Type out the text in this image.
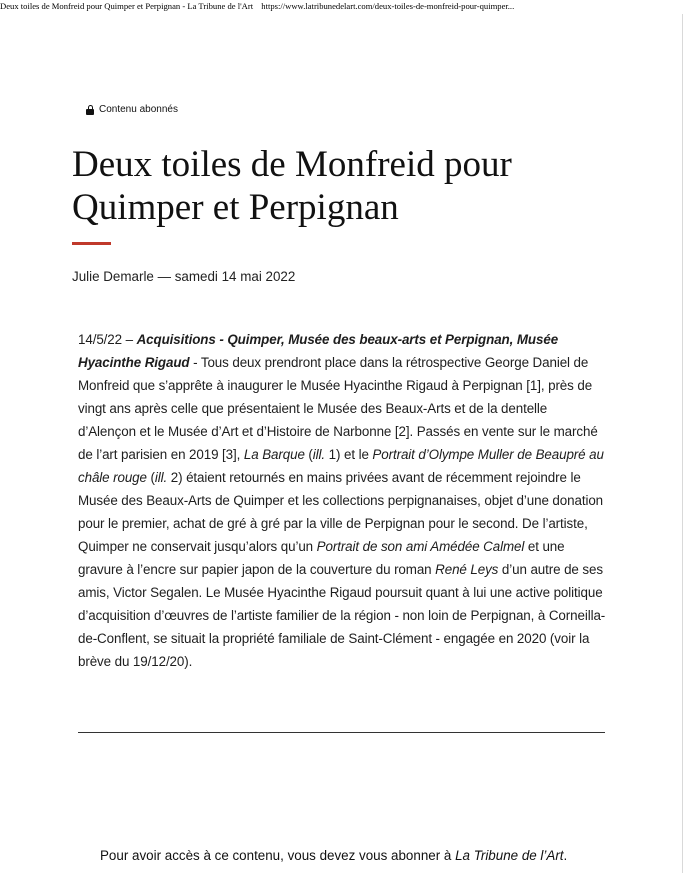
Deux toiles de Monfreid pour Quimper et Perpignan - La Tribune de l'Art https://www.latribunedelart.com/deux-toiles-de-monfreid-pour-quimper...
Contenu abonnés
Deux toiles de Monfreid pour Quimper et Perpignan
Julie Demarle — samedi 14 mai 2022

14/5/22 – Acquisitions - Quimper, Musée des beaux-arts et Perpignan, Musée Hyacinthe Rigaud - Tous deux prendront place dans la rétrospective George Daniel de Monfreid que s’apprête à inaugurer le Musée Hyacinthe Rigaud à Perpignan [1], près de vingt ans après celle que présentaient le Musée des Beaux-Arts et de la dentelle d’Alençon et le Musée d’Art et d’Histoire de Narbonne [2]. Passés en vente sur le marché de l’art parisien en 2019 [3], La Barque (ill. 1) et le Portrait d’Olympe Muller de Beaupré au châle rouge (ill. 2) étaient retournés en mains privées avant de récemment rejoindre le Musée des Beaux-Arts de Quimper et les collections perpignanaises, objet d’une donation pour le premier, achat de gré à gré par la ville de Perpignan pour le second. De l’artiste, Quimper ne conservait jusqu’alors qu’un Portrait de son ami Amédée Calmel et une gravure à l’encre sur papier japon de la couverture du roman René Leys d’un autre de ses amis, Victor Segalen. Le Musée Hyacinthe Rigaud poursuit quant à lui une active politique d’acquisition d’œuvres de l’artiste familier de la région - non loin de Perpignan, à Corneilla-de-Conflent, se situait la propriété familiale de Saint-Clément - engagée en 2020 (voir la brève du 19/12/20).

Pour avoir accès à ce contenu, vous devez vous abonner à La Tribune de l’Art.
